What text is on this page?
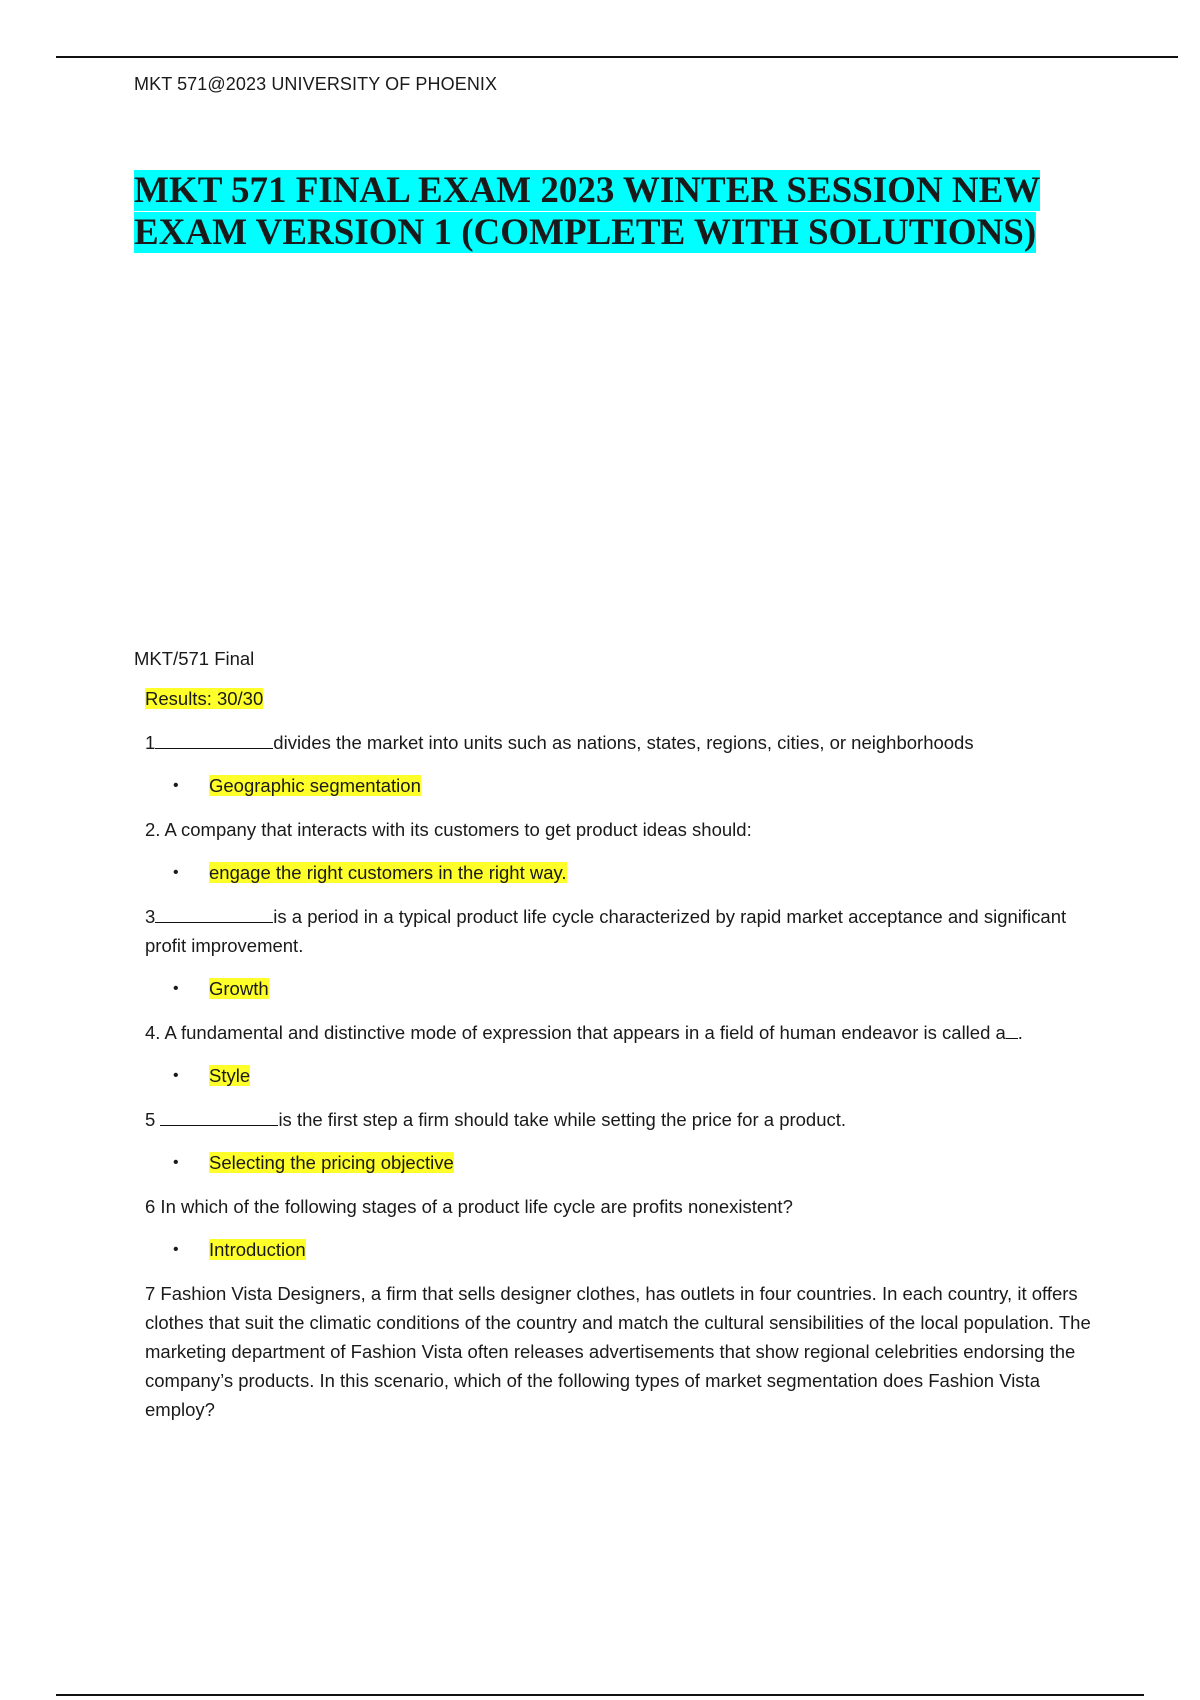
MKT 571@2023 UNIVERSITY OF PHOENIX
MKT 571 FINAL EXAM 2023 WINTER SESSION NEW EXAM VERSION 1 (COMPLETE WITH SOLUTIONS)

MKT/571 Final

Results: 30/30

1	divides the market into units such as nations, states, regions, cities, or neighborhoods

• Geographic segmentation

2. A company that interacts with its customers to get product ideas should:

• engage the right customers in the right way.

3	is a period in a typical product life cycle characterized by rapid market acceptance and significant profit improvement.

• Growth

4. A fundamental and distinctive mode of expression that appears in a field of human endeavor is called a .

• Style

5	is the first step a firm should take while setting the price for a product.

• Selecting the pricing objective

6 In which of the following stages of a product life cycle are profits nonexistent?

• Introduction

7 Fashion Vista Designers, a firm that sells designer clothes, has outlets in four countries. In each country, it offers clothes that suit the climatic conditions of the country and match the cultural sensibilities of the local population. The marketing department of Fashion Vista often releases advertisements that show regional celebrities endorsing the company’s products. In this scenario, which of the following types of market segmentation does Fashion Vista employ?
